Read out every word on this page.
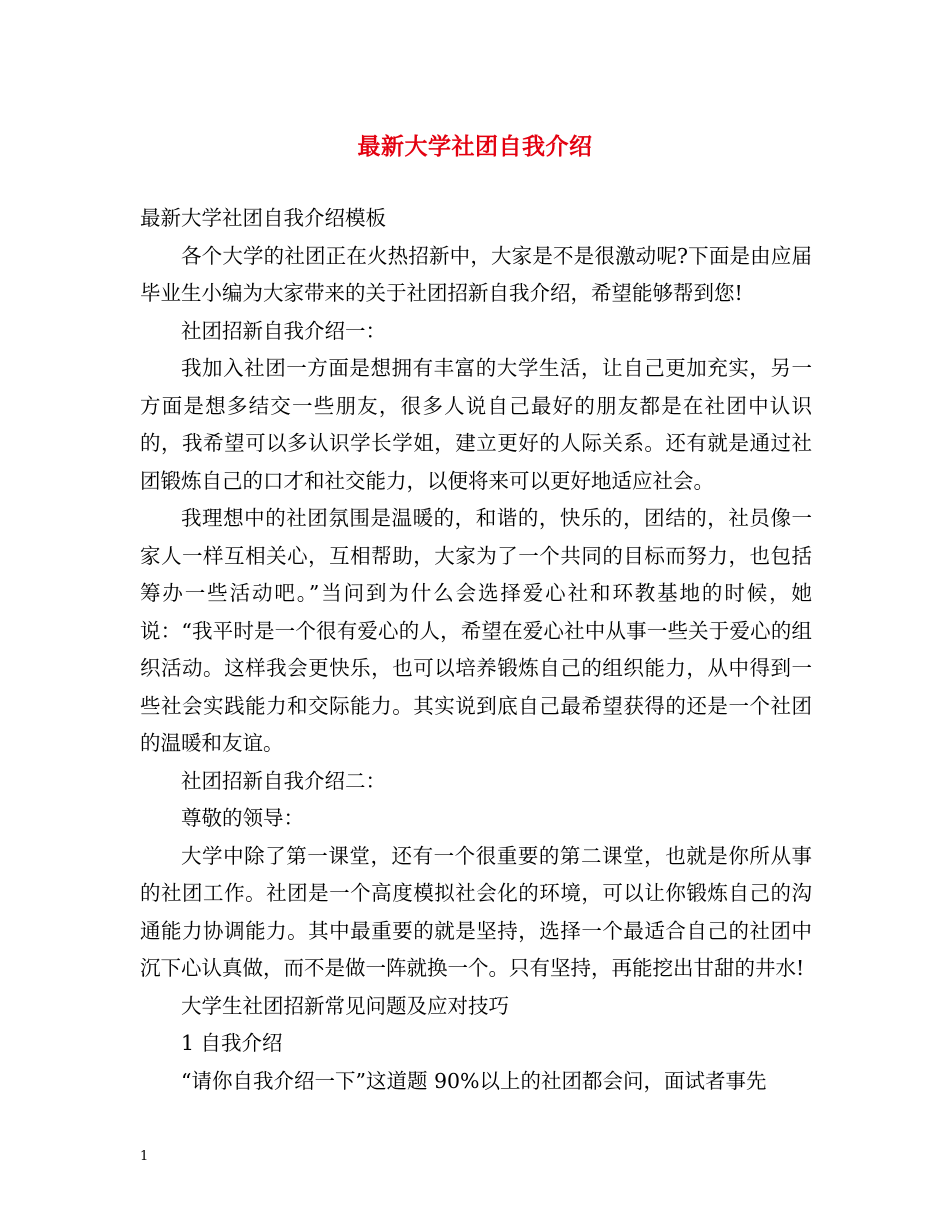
最新大学社团自我介绍

最新大学社团自我介绍模板

各个大学的社团正在火热招新中，大家是不是很激动呢?下面是由应届毕业生小编为大家带来的关于社团招新自我介绍，希望能够帮到您!

社团招新自我介绍一：

我加入社团一方面是想拥有丰富的大学生活，让自己更加充实，另一方面是想多结交一些朋友，很多人说自己最好的朋友都是在社团中认识的，我希望可以多认识学长学姐，建立更好的人际关系。还有就是通过社团锻炼自己的口才和社交能力，以便将来可以更好地适应社会。

我理想中的社团氛围是温暖的，和谐的，快乐的，团结的，社员像一家人一样互相关心，互相帮助，大家为了一个共同的目标而努力，也包括筹办一些活动吧。”当问到为什么会选择爱心社和环教基地的时候，她说：“我平时是一个很有爱心的人，希望在爱心社中从事一些关于爱心的组织活动。这样我会更快乐，也可以培养锻炼自己的组织能力，从中得到一些社会实践能力和交际能力。其实说到底自己最希望获得的还是一个社团的温暖和友谊。

社团招新自我介绍二：

尊敬的领导：

大学中除了第一课堂，还有一个很重要的第二课堂，也就是你所从事的社团工作。社团是一个高度模拟社会化的环境，可以让你锻炼自己的沟通能力协调能力。其中最重要的就是坚持，选择一个最适合自己的社团中沉下心认真做，而不是做一阵就换一个。只有坚持，再能挖出甘甜的井水!

大学生社团招新常见问题及应对技巧

1 自我介绍

“请你自我介绍一下”这道题 90%以上的社团都会问，面试者事先

1
